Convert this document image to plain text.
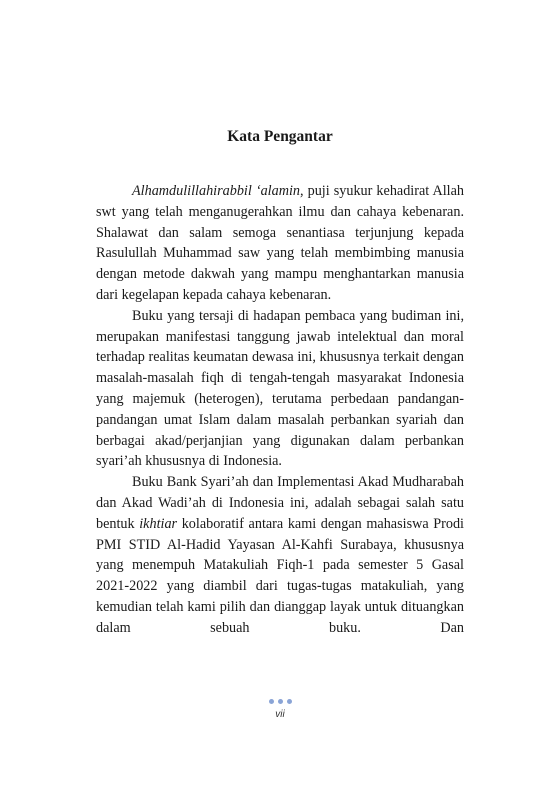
Kata Pengantar

Alhamdulillahirabbil ‘alamin, puji syukur kehadirat Allah swt yang telah menganugerahkan ilmu dan cahaya kebenaran. Shalawat dan salam semoga senantiasa terjunjung kepada Rasulullah Muhammad saw yang telah membimbing manusia dengan metode dakwah yang mampu menghantarkan manusia dari kegelapan kepada cahaya kebenaran.

Buku yang tersaji di hadapan pembaca yang budiman ini, merupakan manifestasi tanggung jawab intelektual dan moral terhadap realitas keumatan dewasa ini, khususnya terkait dengan masalah-masalah fiqh di tengah-tengah masyarakat Indonesia yang majemuk (heterogen), terutama perbedaan pandangan-pandangan umat Islam dalam masalah perbankan syariah dan berbagai akad/perjanjian yang digunakan dalam perbankan syari’ah khususnya di Indonesia.

Buku Bank Syari’ah dan Implementasi Akad Mudharabah dan Akad Wadi’ah di Indonesia ini, adalah sebagai salah satu bentuk ikhtiar kolaboratif antara kami dengan mahasiswa Prodi PMI STID Al-Hadid Yayasan Al-Kahfi Surabaya, khususnya yang menempuh Matakuliah Fiqh-1 pada semester 5 Gasal 2021-2022 yang diambil dari tugas-tugas matakuliah, yang kemudian telah kami pilih dan dianggap layak untuk dituangkan dalam sebuah buku. Dan

vii
